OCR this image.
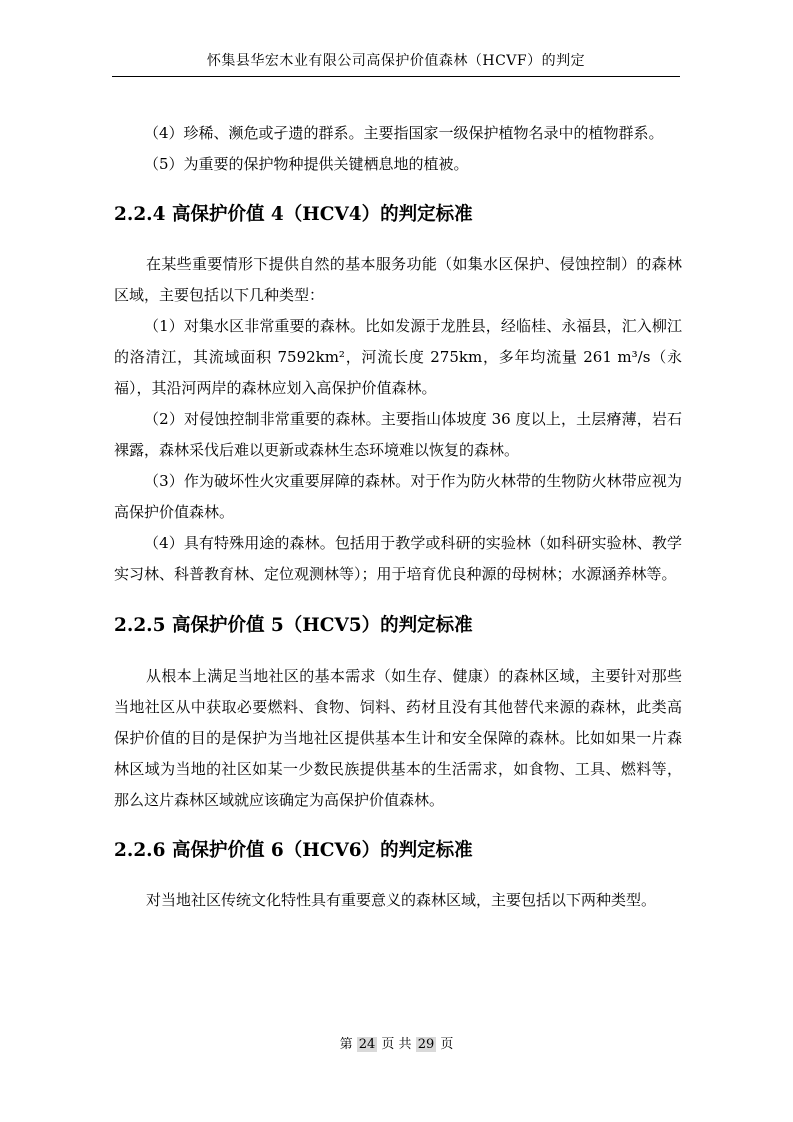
怀集县华宏木业有限公司高保护价值森林（HCVF）的判定

（4）珍稀、濒危或孑遗的群系。主要指国家一级保护植物名录中的植物群系。

（5）为重要的保护物种提供关键栖息地的植被。

2.2.4 高保护价值 4（HCV4）的判定标准

在某些重要情形下提供自然的基本服务功能（如集水区保护、侵蚀控制）的森林区域，主要包括以下几种类型：

（1）对集水区非常重要的森林。比如发源于龙胜县，经临桂、永福县，汇入柳江的洛清江，其流域面积 7592km²，河流长度 275km，多年均流量 261 m³/s（永福），其沿河两岸的森林应划入高保护价值森林。

（2）对侵蚀控制非常重要的森林。主要指山体坡度 36 度以上，土层瘠薄，岩石裸露，森林采伐后难以更新或森林生态环境难以恢复的森林。

（3）作为破坏性火灾重要屏障的森林。对于作为防火林带的生物防火林带应视为高保护价值森林。

（4）具有特殊用途的森林。包括用于教学或科研的实验林（如科研实验林、教学实习林、科普教育林、定位观测林等）；用于培育优良种源的母树林；水源涵养林等。

2.2.5 高保护价值 5（HCV5）的判定标准

从根本上满足当地社区的基本需求（如生存、健康）的森林区域，主要针对那些当地社区从中获取必要燃料、食物、饲料、药材且没有其他替代来源的森林，此类高保护价值的目的是保护为当地社区提供基本生计和安全保障的森林。比如如果一片森林区域为当地的社区如某一少数民族提供基本的生活需求，如食物、工具、燃料等，那么这片森林区域就应该确定为高保护价值森林。

2.2.6 高保护价值 6（HCV6）的判定标准

对当地社区传统文化特性具有重要意义的森林区域，主要包括以下两种类型。

第 24 页 共 29 页
